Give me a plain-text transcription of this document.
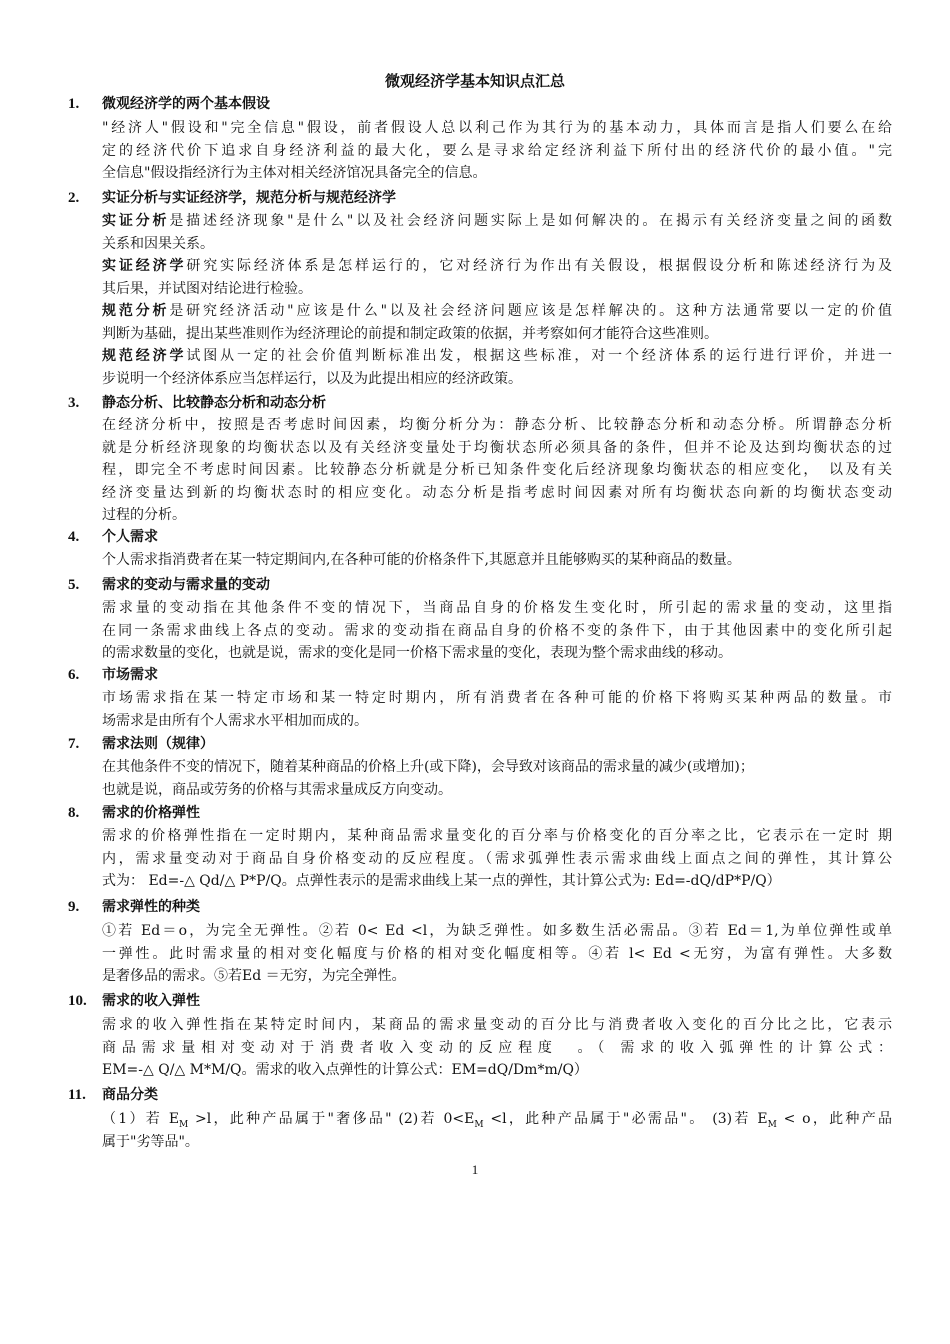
微观经济学基本知识点汇总
1. 微观经济学的两个基本假设
"经济人"假设和"完全信息"假设，前者假设人总以利己作为其行为的基本动力，具体而言是指人们要么在给
定的经济代价下追求自身经济利益的最大化，要么是寻求给定经济利益下所付出的经济代价的最小值。"完
全信息"假设指经济行为主体对相关经济馆况具备完全的信息。
2. 实证分析与实证经济学，规范分析与规范经济学
实证分析是描述经济现象"是什么"以及社会经济问题实际上是如何解决的。在揭示有关经济变量之间的函数
关系和因果关系。
实证经济学研究实际经济体系是怎样运行的，它对经济行为作出有关假设，根据假设分析和陈述经济行为及
其后果，并试图对结论进行检验。
规范分析是研究经济活动"应该是什么"以及社会经济问题应该是怎样解决的。这种方法通常要以一定的价值
判断为基础，提出某些准则作为经济理论的前提和制定政策的依据，并考察如何才能符合这些准则。
规范经济学试图从一定的社会价值判断标准出发，根据这些标准，对一个经济体系的运行进行评价，并进一
步说明一个经济体系应当怎样运行，以及为此提出相应的经济政策。
3. 静态分析、比较静态分析和动态分析
在经济分析中，按照是否考虑时间因素，均衡分析分为：静态分析、比较静态分析和动态分桥。所谓静态分析
就是分析经济现象的均衡状态以及有关经济变量处于均衡状态所必须具备的条件，但并不论及达到均衡状态的过
程，即完全不考虑时间因素。比较静态分析就是分析已知条件变化后经济现象均衡状态的相应变化，　以及有关
经济变量达到新的均衡状态时的相应变化。动态分析是指考虑时间因素对所有均衡状态向新的均衡状态变动
过程的分析。
4. 个人需求
个人需求指消费者在某一特定期间内,在各种可能的价格条件下,其愿意并且能够购买的某种商品的数量。
5. 需求的变动与需求量的变动
需求量的变动指在其他条件不变的情况下，当商品自身的价格发生变化时，所引起的需求量的变动，这里指
在同一条需求曲线上各点的变动。需求的变动指在商品自身的价格不变的条件下，由于其他因素中的变化所引起
的需求数量的变化，也就是说，需求的变化是同一价格下需求量的变化，表现为整个需求曲线的移动。
6. 市场需求
市场需求指在某一特定市场和某一特定时期内，所有消费者在各种可能的价格下将购买某种两品的数量。市
场需求是由所有个人需求水平相加而成的。
7. 需求法则（规律）
在其他条件不变的情况下，随着某种商品的价格上升(或下降)，会导致对该商品的需求量的减少(或增加)；
也就是说，商品或劳务的价格与其需求量成反方向变动。
8. 需求的价格弹性
需求的价格弹性指在一定时期内，某种商品需求量变化的百分率与价格变化的百分率之比，它表示在一定时 期
内，需求量变动对于商品自身价格变动的反应程度。（需求弧弹性表示需求曲线上面点之间的弹性，其计算公
式为： Ed=-△ Qd/△ P*P/Q。点弹性表示的是需求曲线上某一点的弹性，其计算公式为: Ed=-dQ/dP*P/Q）
9. 需求弹性的种类
①若 Ed＝o，为完全无弹性。②若 0< Ed <l，为缺乏弹性。如多数生活必需品。③若 Ed＝1,为单位弹性或单
一弹性。此时需求量的相对变化幅度与价格的相对变化幅度相等。④若 l< Ed <无穷，为富有弹性。大多数
是奢侈品的需求。⑤若Ed ＝无穷，为完全弹性。
10. 需求的收入弹性
需求的收入弹性指在某特定时间内，某商品的需求量变动的百分比与消费者收入变化的百分比之比，它表示
商品需求量相对变动对于消费者收入变动的反应程度　。（ 需求的收入弧弹性的计算公式：
EM=-△ Q/△ M*M/Q。需求的收入点弹性的计算公式：EM=dQ/Dm*m/Q）
11. 商品分类
（1）若 $E_M >l$，此种产品属于"奢侈品" (2)若 $0<E_M <l$，此种产品属于"必需品"。 (3)若 $E_M < o$，此种产品
属于"劣等品"。
1
